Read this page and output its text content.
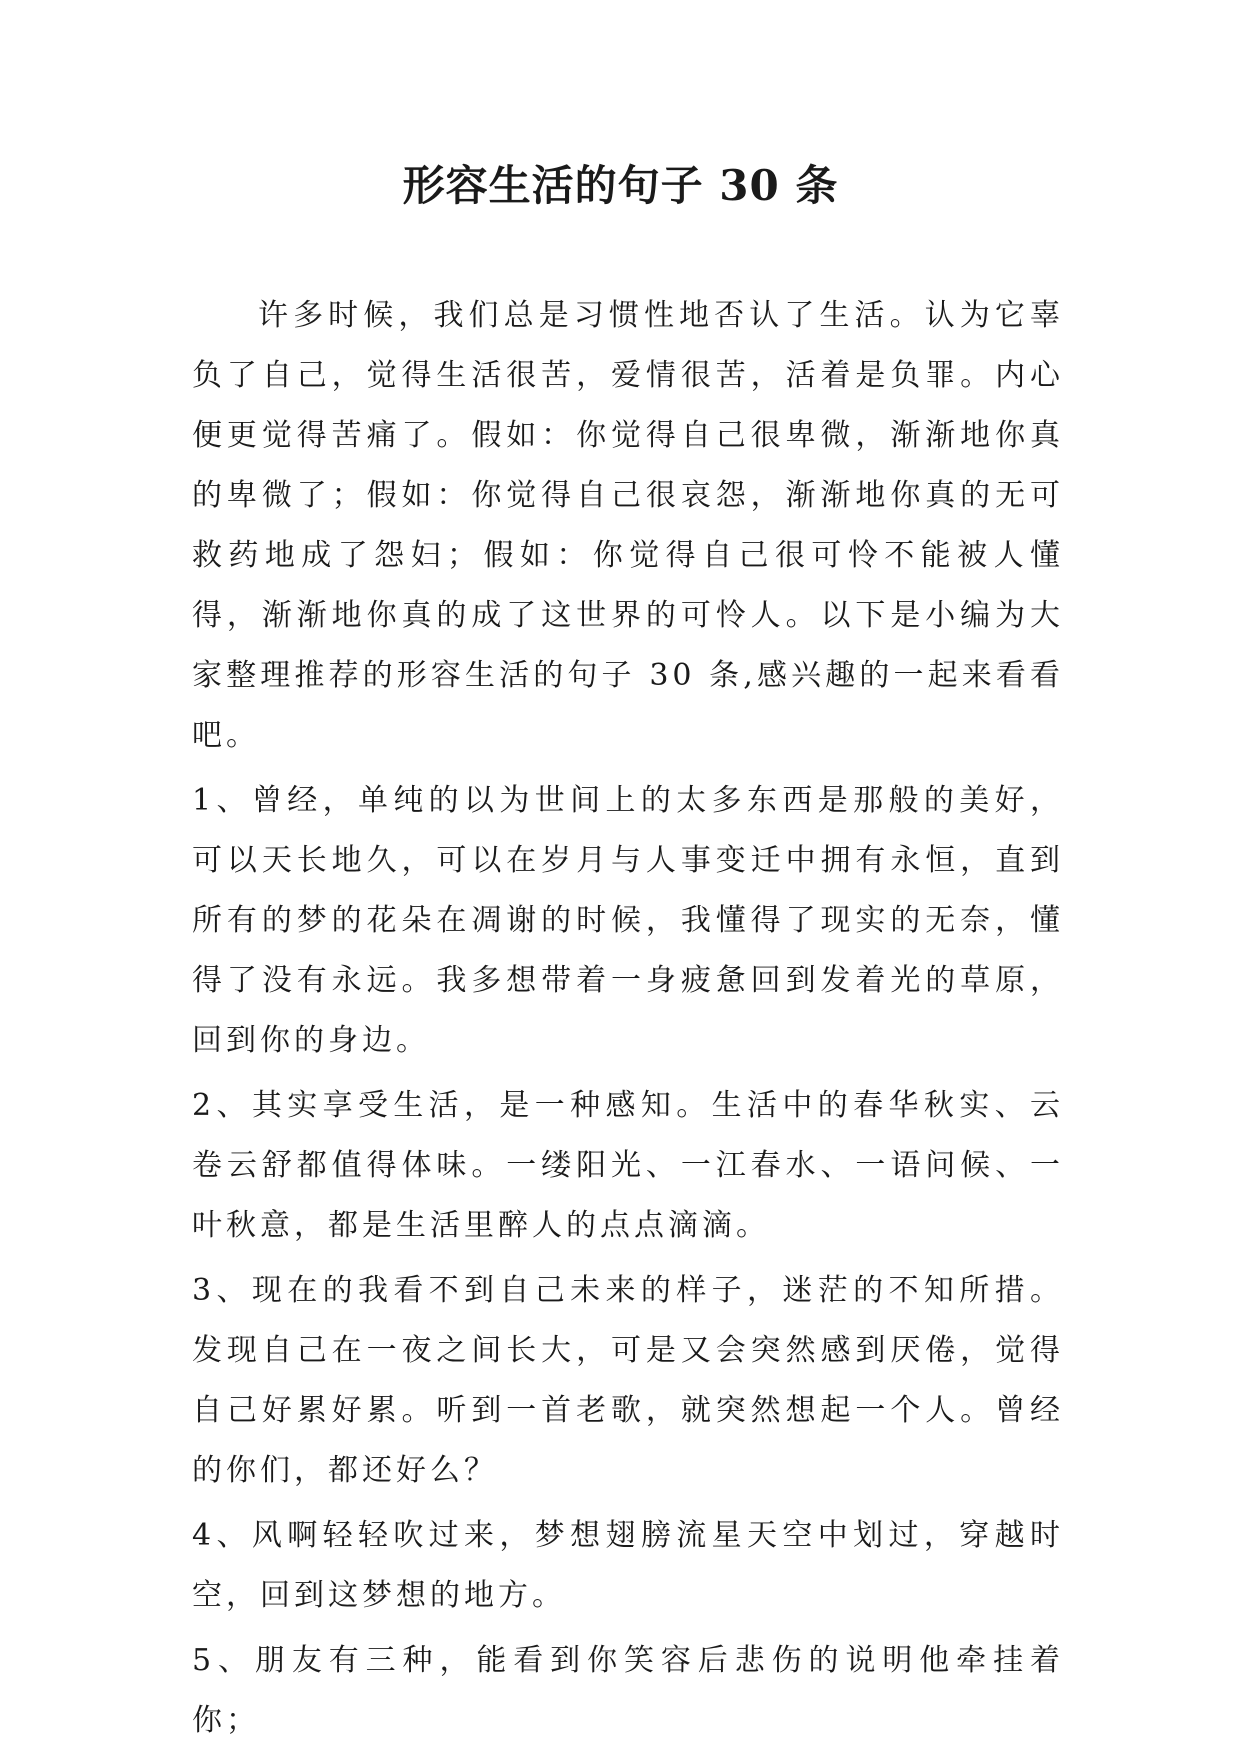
形容生活的句子 30 条

许多时候，我们总是习惯性地否认了生活。认为它辜负了自己，觉得生活很苦，爱情很苦，活着是负罪。内心便更觉得苦痛了。假如：你觉得自己很卑微，渐渐地你真的卑微了；假如：你觉得自己很哀怨，渐渐地你真的无可救药地成了怨妇；假如：你觉得自己很可怜不能被人懂得，渐渐地你真的成了这世界的可怜人。以下是小编为大家整理推荐的形容生活的句子 30 条,感兴趣的一起来看看吧。

1、曾经，单纯的以为世间上的太多东西是那般的美好，可以天长地久，可以在岁月与人事变迁中拥有永恒，直到所有的梦的花朵在凋谢的时候，我懂得了现实的无奈，懂得了没有永远。我多想带着一身疲惫回到发着光的草原，回到你的身边。

2、其实享受生活，是一种感知。生活中的春华秋实、云卷云舒都值得体味。一缕阳光、一江春水、一语问候、一叶秋意，都是生活里醉人的点点滴滴。

3、现在的我看不到自己未来的样子，迷茫的不知所措。发现自己在一夜之间长大，可是又会突然感到厌倦，觉得自己好累好累。听到一首老歌，就突然想起一个人。曾经的你们，都还好么？

4、风啊轻轻吹过来，梦想翅膀流星天空中划过，穿越时空，回到这梦想的地方。

5、朋友有三种，能看到你笑容后悲伤的说明他牵挂着你；
